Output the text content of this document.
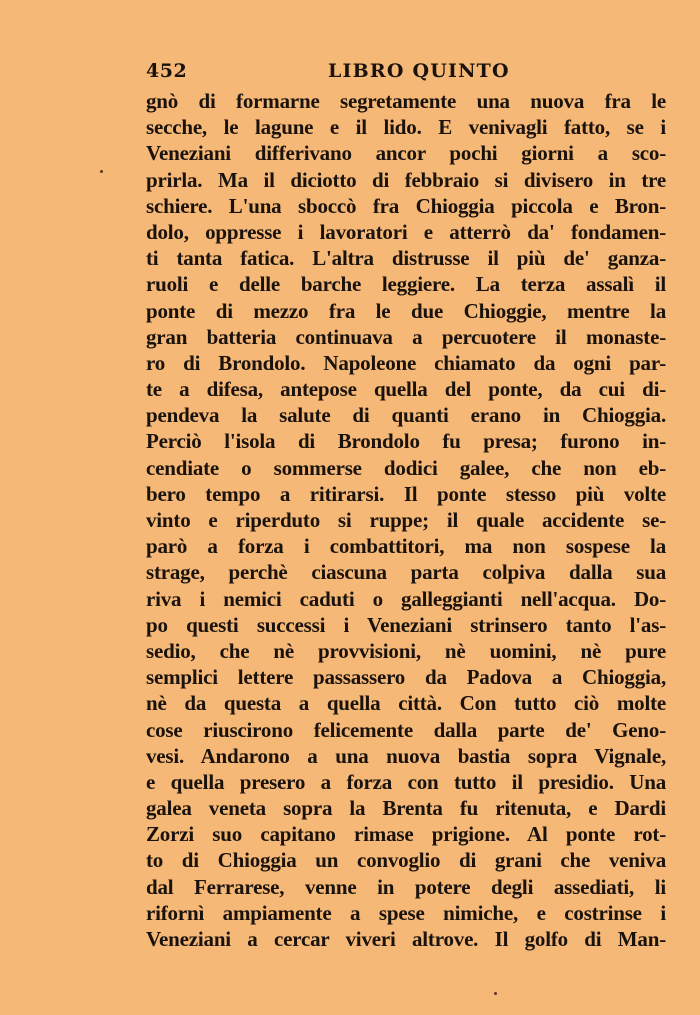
452	LIBRO QUINTO
gnò di formarne segretamente una nuova fra le
secche, le lagune e il lido. E venivagli fatto, se i
Veneziani differivano ancor pochi giorni a sco-
prirla. Ma il diciotto di febbraio si divisero in tre
schiere. L'una sboccò fra Chioggia piccola e Bron-
dolo, oppresse i lavoratori e atterrò da' fondamen-
ti tanta fatica. L'altra distrusse il più de' ganza-
ruoli e delle barche leggiere. La terza assalì il
ponte di mezzo fra le due Chioggie, mentre la
gran batteria continuava a percuotere il monaste-
ro di Brondolo. Napoleone chiamato da ogni par-
te a difesa, antepose quella del ponte, da cui di-
pendeva la salute di quanti erano in Chioggia.
Perciò l'isola di Brondolo fu presa; furono in-
cendiate o sommerse dodici galee, che non eb-
bero tempo a ritirarsi. Il ponte stesso più volte
vinto e riperduto si ruppe; il quale accidente se-
parò a forza i combattitori, ma non sospese la
strage, perchè ciascuna parta colpiva dalla sua
riva i nemici caduti o galleggianti nell'acqua. Do-
po questi successi i Veneziani strinsero tanto l'as-
sedio, che nè provvisioni, nè uomini, nè pure
semplici lettere passassero da Padova a Chioggia,
nè da questa a quella città. Con tutto ciò molte
cose riuscirono felicemente dalla parte de' Geno-
vesi. Andarono a una nuova bastia sopra Vignale,
e quella presero a forza con tutto il presidio. Una
galea veneta sopra la Brenta fu ritenuta, e Dardi
Zorzi suo capitano rimase prigione. Al ponte rot-
to di Chioggia un convoglio di grani che veniva
dal Ferrarese, venne in potere degli assediati, li
rifornì ampiamente a spese nimiche, e costrinse i
Veneziani a cercar viveri altrove. Il golfo di Man-
